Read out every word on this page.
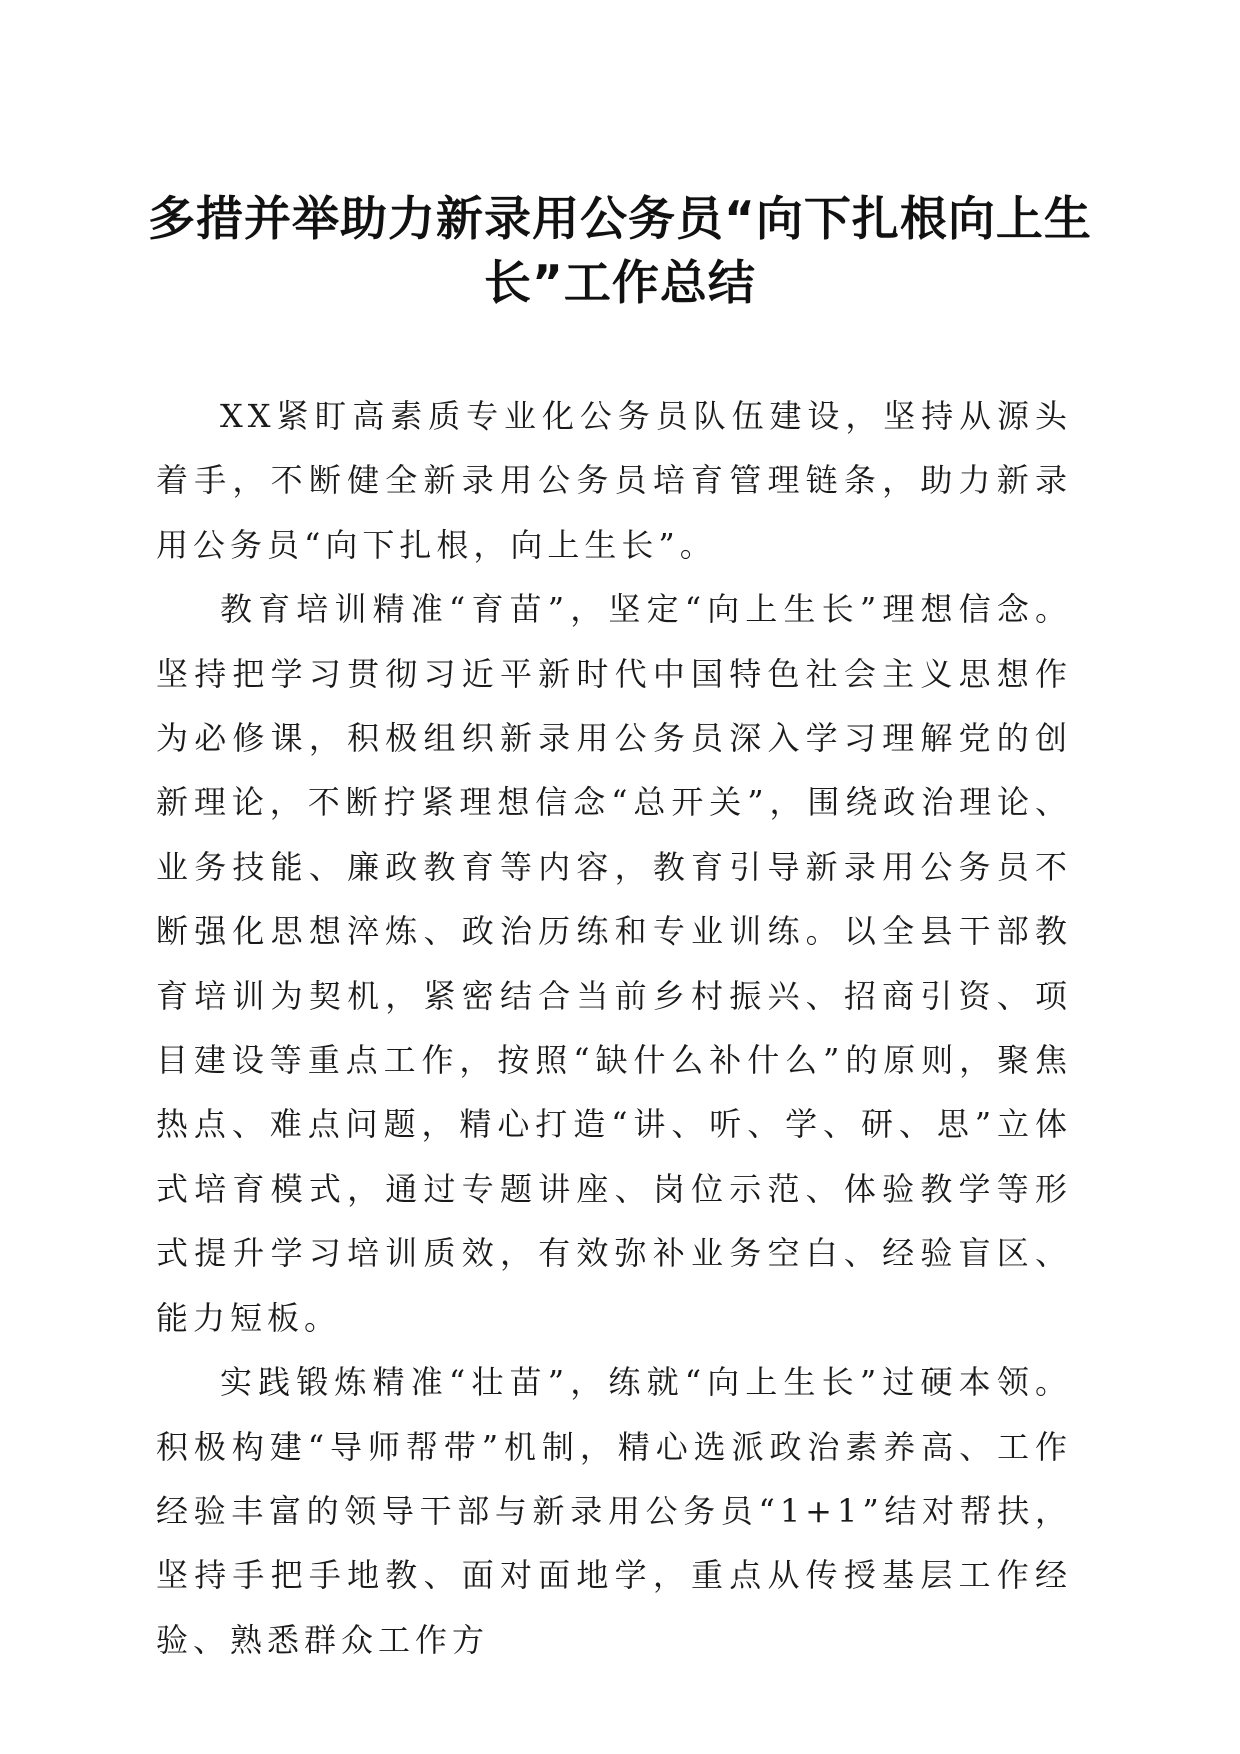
多措并举助力新录用公务员“向下扎根向上生长”工作总结

XX紧盯高素质专业化公务员队伍建设，坚持从源头着手，不断健全新录用公务员培育管理链条，助力新录用公务员“向下扎根，向上生长”。

教育培训精准“育苗”，坚定“向上生长”理想信念。坚持把学习贯彻习近平新时代中国特色社会主义思想作为必修课，积极组织新录用公务员深入学习理解党的创新理论，不断拧紧理想信念“总开关”，围绕政治理论、业务技能、廉政教育等内容，教育引导新录用公务员不断强化思想淬炼、政治历练和专业训练。以全县干部教育培训为契机，紧密结合当前乡村振兴、招商引资、项目建设等重点工作，按照“缺什么补什么”的原则，聚焦热点、难点问题，精心打造“讲、听、学、研、思”立体式培育模式，通过专题讲座、岗位示范、体验教学等形式提升学习培训质效，有效弥补业务空白、经验盲区、能力短板。

实践锻炼精准“壮苗”，练就“向上生长”过硬本领。积极构建“导师帮带”机制，精心选派政治素养高、工作经验丰富的领导干部与新录用公务员“1+1”结对帮扶，坚持手把手地教、面对面地学，重点从传授基层工作经验、熟悉群众工作方
